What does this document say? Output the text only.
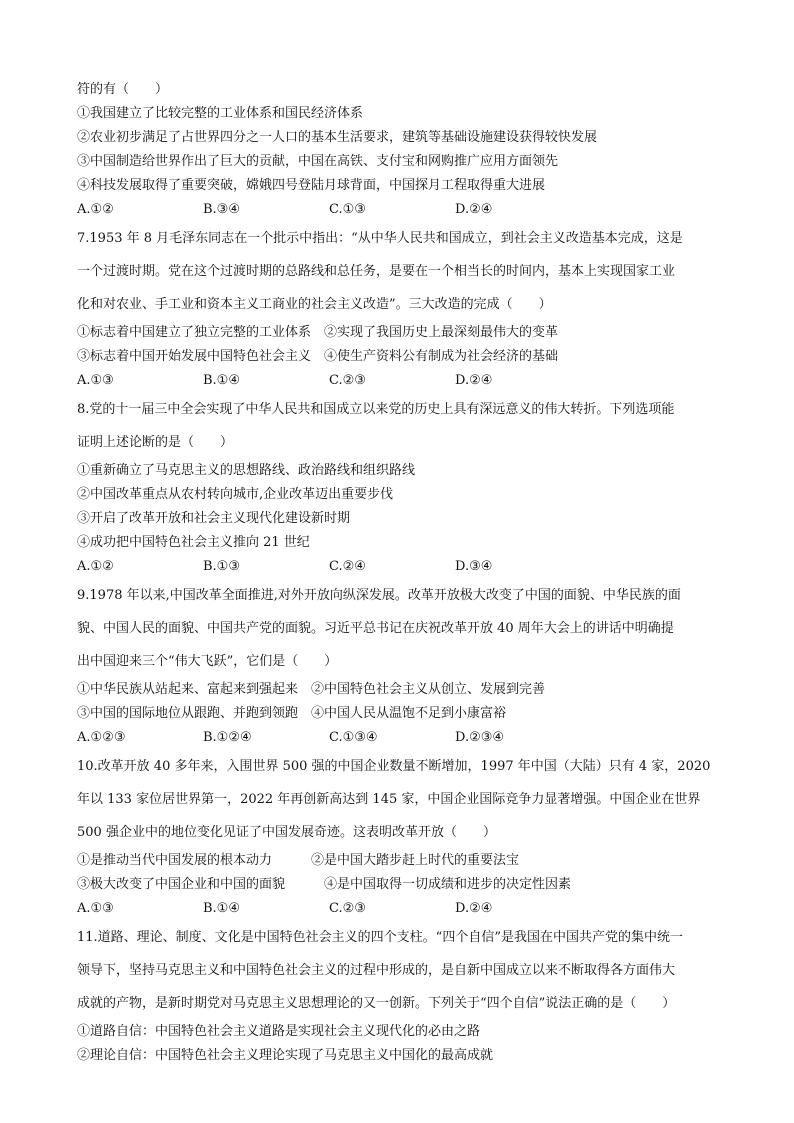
符的有（　　）
①我国建立了比较完整的工业体系和国民经济体系
②农业初步满足了占世界四分之一人口的基本生活要求，建筑等基础设施建设获得较快发展
③中国制造给世界作出了巨大的贡献，中国在高铁、支付宝和网购推广应用方面领先
④科技发展取得了重要突破，嫦娥四号登陆月球背面，中国探月工程取得重大进展
A.①②	B.③④	C.①③	D.②④
7.1953 年 8 月毛泽东同志在一个批示中指出：“从中华人民共和国成立，到社会主义改造基本完成，这是
一个过渡时期。党在这个过渡时期的总路线和总任务，是要在一个相当长的时间内，基本上实现国家工业
化和对农业、手工业和资本主义工商业的社会主义改造”。三大改造的完成（　　）
①标志着中国建立了独立完整的工业体系　②实现了我国历史上最深刻最伟大的变革
③标志着中国开始发展中国特色社会主义　④使生产资料公有制成为社会经济的基础
A.①③	B.①④	C.②③	D.②④
8.党的十一届三中全会实现了中华人民共和国成立以来党的历史上具有深远意义的伟大转折。下列选项能
证明上述论断的是（　　）
①重新确立了马克思主义的思想路线、政治路线和组织路线
②中国改革重点从农村转向城市,企业改革迈出重要步伐
③开启了改革开放和社会主义现代化建设新时期
④成功把中国特色社会主义推向 21 世纪
A.①②	B.①③	C.②④	D.③④
9.1978 年以来,中国改革全面推进,对外开放向纵深发展。改革开放极大改变了中国的面貌、中华民族的面
貌、中国人民的面貌、中国共产党的面貌。习近平总书记在庆祝改革开放 40 周年大会上的讲话中明确提
出中国迎来三个“伟大飞跃”，它们是（　　）
①中华民族从站起来、富起来到强起来　②中国特色社会主义从创立、发展到完善
③中国的国际地位从跟跑、并跑到领跑　④中国人民从温饱不足到小康富裕
A.①②③	B.①②④	C.①③④	D.②③④
10.改革开放 40 多年来，入围世界 500 强的中国企业数量不断增加，1997 年中国（大陆）只有 4 家，2020
年以 133 家位居世界第一，2022 年再创新高达到 145 家，中国企业国际竞争力显著增强。中国企业在世界
500 强企业中的地位变化见证了中国发展奇迹。这表明改革开放（　　）
①是推动当代中国发展的根本动力　　　②是中国大踏步赶上时代的重要法宝
③极大改变了中国企业和中国的面貌　　　④是中国取得一切成绩和进步的决定性因素
A.①③	B.①④	C.②③	D.②④
11.道路、理论、制度、文化是中国特色社会主义的四个支柱。“四个自信”是我国在中国共产党的集中统一
领导下，坚持马克思主义和中国特色社会主义的过程中形成的，是自新中国成立以来不断取得各方面伟大
成就的产物，是新时期党对马克思主义思想理论的又一创新。下列关于“四个自信”说法正确的是（　　）
①道路自信：中国特色社会主义道路是实现社会主义现代化的必由之路
②理论自信：中国特色社会主义理论实现了马克思主义中国化的最高成就
